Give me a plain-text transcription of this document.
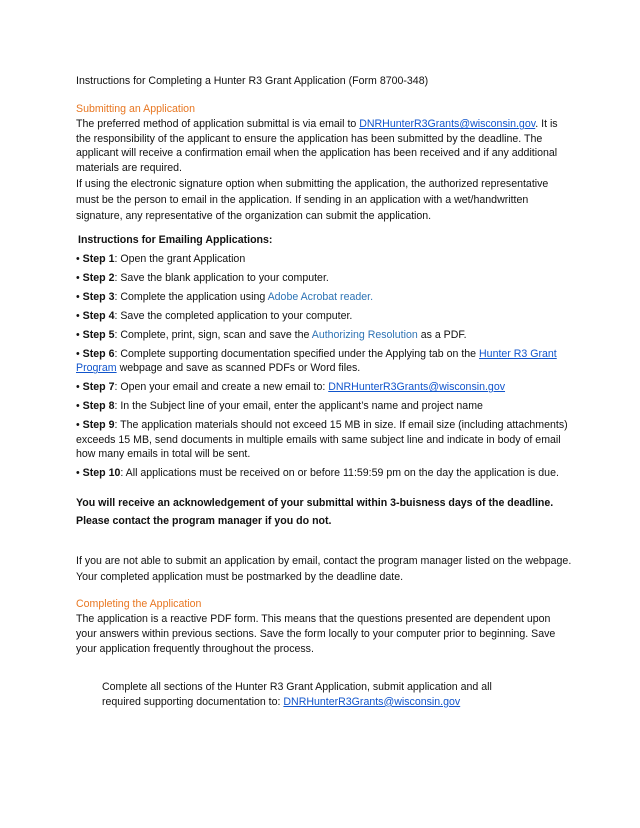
Instructions for Completing a Hunter R3 Grant Application (Form 8700-348)

Submitting an Application

The preferred method of application submittal is via email to DNRHunterR3Grants@wisconsin.gov. It is the responsibility of the applicant to ensure the application has been submitted by the deadline. The applicant will receive a confirmation email when the application has been received and if any additional materials are required.

If using the electronic signature option when submitting the application, the authorized representative must be the person to email in the application. If sending in an application with a wet/handwritten signature, any representative of the organization can submit the application.

Instructions for Emailing Applications:

• Step 1: Open the grant Application

• Step 2: Save the blank application to your computer.

• Step 3: Complete the application using Adobe Acrobat reader.

• Step 4: Save the completed application to your computer.

• Step 5: Complete, print, sign, scan and save the Authorizing Resolution as a PDF.

• Step 6: Complete supporting documentation specified under the Applying tab on the Hunter R3 Grant Program webpage and save as scanned PDFs or Word files.

• Step 7: Open your email and create a new email to: DNRHunterR3Grants@wisconsin.gov

• Step 8: In the Subject line of your email, enter the applicant’s name and project name

• Step 9: The application materials should not exceed 15 MB in size. If email size (including attachments) exceeds 15 MB, send documents in multiple emails with same subject line and indicate in body of email how many emails in total will be sent.

• Step 10: All applications must be received on or before 11:59:59 pm on the day the application is due.

You will receive an acknowledgement of your submittal within 3-buisness days of the deadline. Please contact the program manager if you do not.

If you are not able to submit an application by email, contact the program manager listed on the webpage. Your completed application must be postmarked by the deadline date.

Completing the Application

The application is a reactive PDF form. This means that the questions presented are dependent upon your answers within previous sections. Save the form locally to your computer prior to beginning. Save your application frequently throughout the process.

Complete all sections of the Hunter R3 Grant Application, submit application and all required supporting documentation to: DNRHunterR3Grants@wisconsin.gov
